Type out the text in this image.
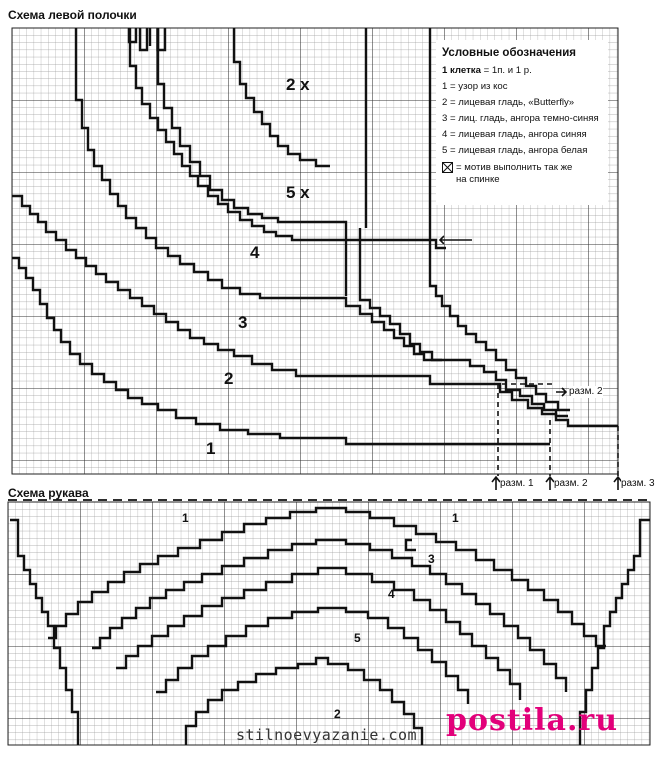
Схема левой полочки
2 x
5 x
4
3
2
1
разм. 2
разм. 1 разм. 2	разм. 3
Условные обозначения
1 клетка = 1п. и 1 р.
1 = узор из кос
2 = лицевая гладь, «Butterfly»
3 = лиц. гладь, ангора темно-синяя
4 = лицевая гладь, ангора синяя
5 = лицевая гладь, ангора белая
= мотив выполнить так же
на спинке
Схема рукава
1	1
3
4
5
2
stilnoevyazanie.com postila.ru
